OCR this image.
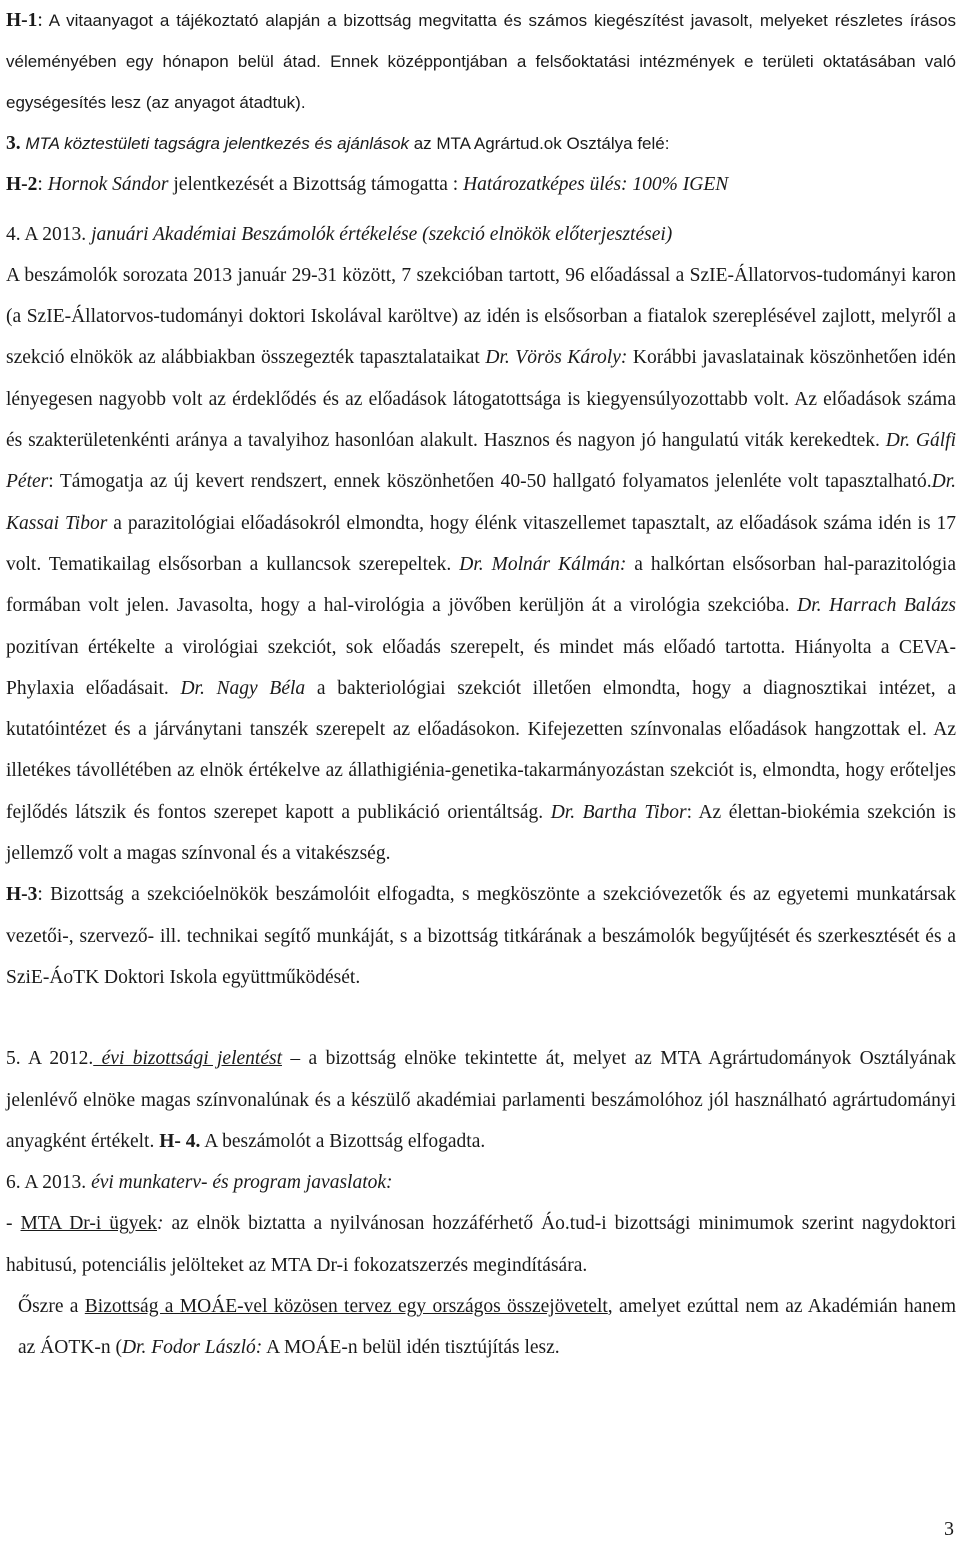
H-1: A vitaanyagot a tájékoztató alapján a bizottság megvitatta és számos kiegészítést javasolt, melyeket részletes írásos véleményében egy hónapon belül átad. Ennek középpontjában a felsőoktatási intézmények e területi oktatásában való egységesítés lesz (az anyagot átadtuk).

3. MTA köztestületi tagságra jelentkezés és ajánlások az MTA Agrártud.ok Osztálya felé:

H-2: Hornok Sándor jelentkezését a Bizottság támogatta : Határozatképes ülés: 100% IGEN

4. A 2013. januári Akadémiai Beszámolók értékelése (szekció elnökök előterjesztései)

A beszámolók sorozata 2013 január 29-31 között, 7 szekcióban tartott, 96 előadással a SzIE-Állatorvos-tudományi karon (a SzIE-Állatorvos-tudományi doktori Iskolával karöltve) az idén is elsősorban a fiatalok szereplésével zajlott, melyről a szekció elnökök az alábbiakban összegezték tapasztalataikat Dr. Vörös Károly: Korábbi javaslatainak köszönhetően idén lényegesen nagyobb volt az érdeklődés és az előadások látogatottsága is kiegyensúlyozottabb volt. Az előadások száma és szakterületenkénti aránya a tavalyihoz hasonlóan alakult. Hasznos és nagyon jó hangulatú viták kerekedtek. Dr. Gálfi Péter: Támogatja az új kevert rendszert, ennek köszönhetően 40-50 hallgató folyamatos jelenléte volt tapasztalható.Dr. Kassai Tibor a parazitológiai előadásokról elmondta, hogy élénk vitaszellemet tapasztalt, az előadások száma idén is 17 volt. Tematikailag elsősorban a kullancsok szerepeltek. Dr. Molnár Kálmán: a halkórtan elsősorban hal-parazitológia formában volt jelen. Javasolta, hogy a hal-virológia a jövőben kerüljön át a virológia szekcióba. Dr. Harrach Balázs pozitívan értékelte a virológiai szekciót, sok előadás szerepelt, és mindet más előadó tartotta. Hiányolta a CEVA-Phylaxia előadásait. Dr. Nagy Béla a bakteriológiai szekciót illetően elmondta, hogy a diagnosztikai intézet, a kutatóintézet és a járványtani tanszék szerepelt az előadásokon. Kifejezetten színvonalas előadások hangzottak el. Az illetékes távollétében az elnök értékelve az állathigiénia-genetika-takarmányozástan szekciót is, elmondta, hogy erőteljes fejlődés látszik és fontos szerepet kapott a publikáció orientáltság. Dr. Bartha Tibor: Az élettan-biokémia szekción is jellemző volt a magas színvonal és a vitakészség.

H-3: Bizottság a szekcióelnökök beszámolóit elfogadta, s megköszönte a szekcióvezetők és az egyetemi munkatársak vezetői-, szervező- ill. technikai segítő munkáját, s a bizottság titkárának a beszámolók begyűjtését és szerkesztését és a SziE-ÁoTK Doktori Iskola együttműködését.

5. A 2012. évi bizottsági jelentést – a bizottság elnöke tekintette át, melyet az MTA Agrártudományok Osztályának jelenlévő elnöke magas színvonalúnak és a készülő akadémiai parlamenti beszámolóhoz jól használható agrártudományi anyagként értékelt. H- 4. A beszámolót a Bizottság elfogadta.

6. A 2013. évi munkaterv- és program javaslatok:

- MTA Dr-i ügyek: az elnök biztatta a nyilvánosan hozzáférhető Áo.tud-i bizottsági minimumok szerint nagydoktori habitusú, potenciális jelölteket az MTA Dr-i fokozatszerzés megindítására.

Őszre a Bizottság a MOÁE-vel közösen tervez egy országos összejövetelt, amelyet ezúttal nem az Akadémián hanem az ÁOTK-n (Dr. Fodor László: A MOÁE-n belül idén tisztújítás lesz.

3
